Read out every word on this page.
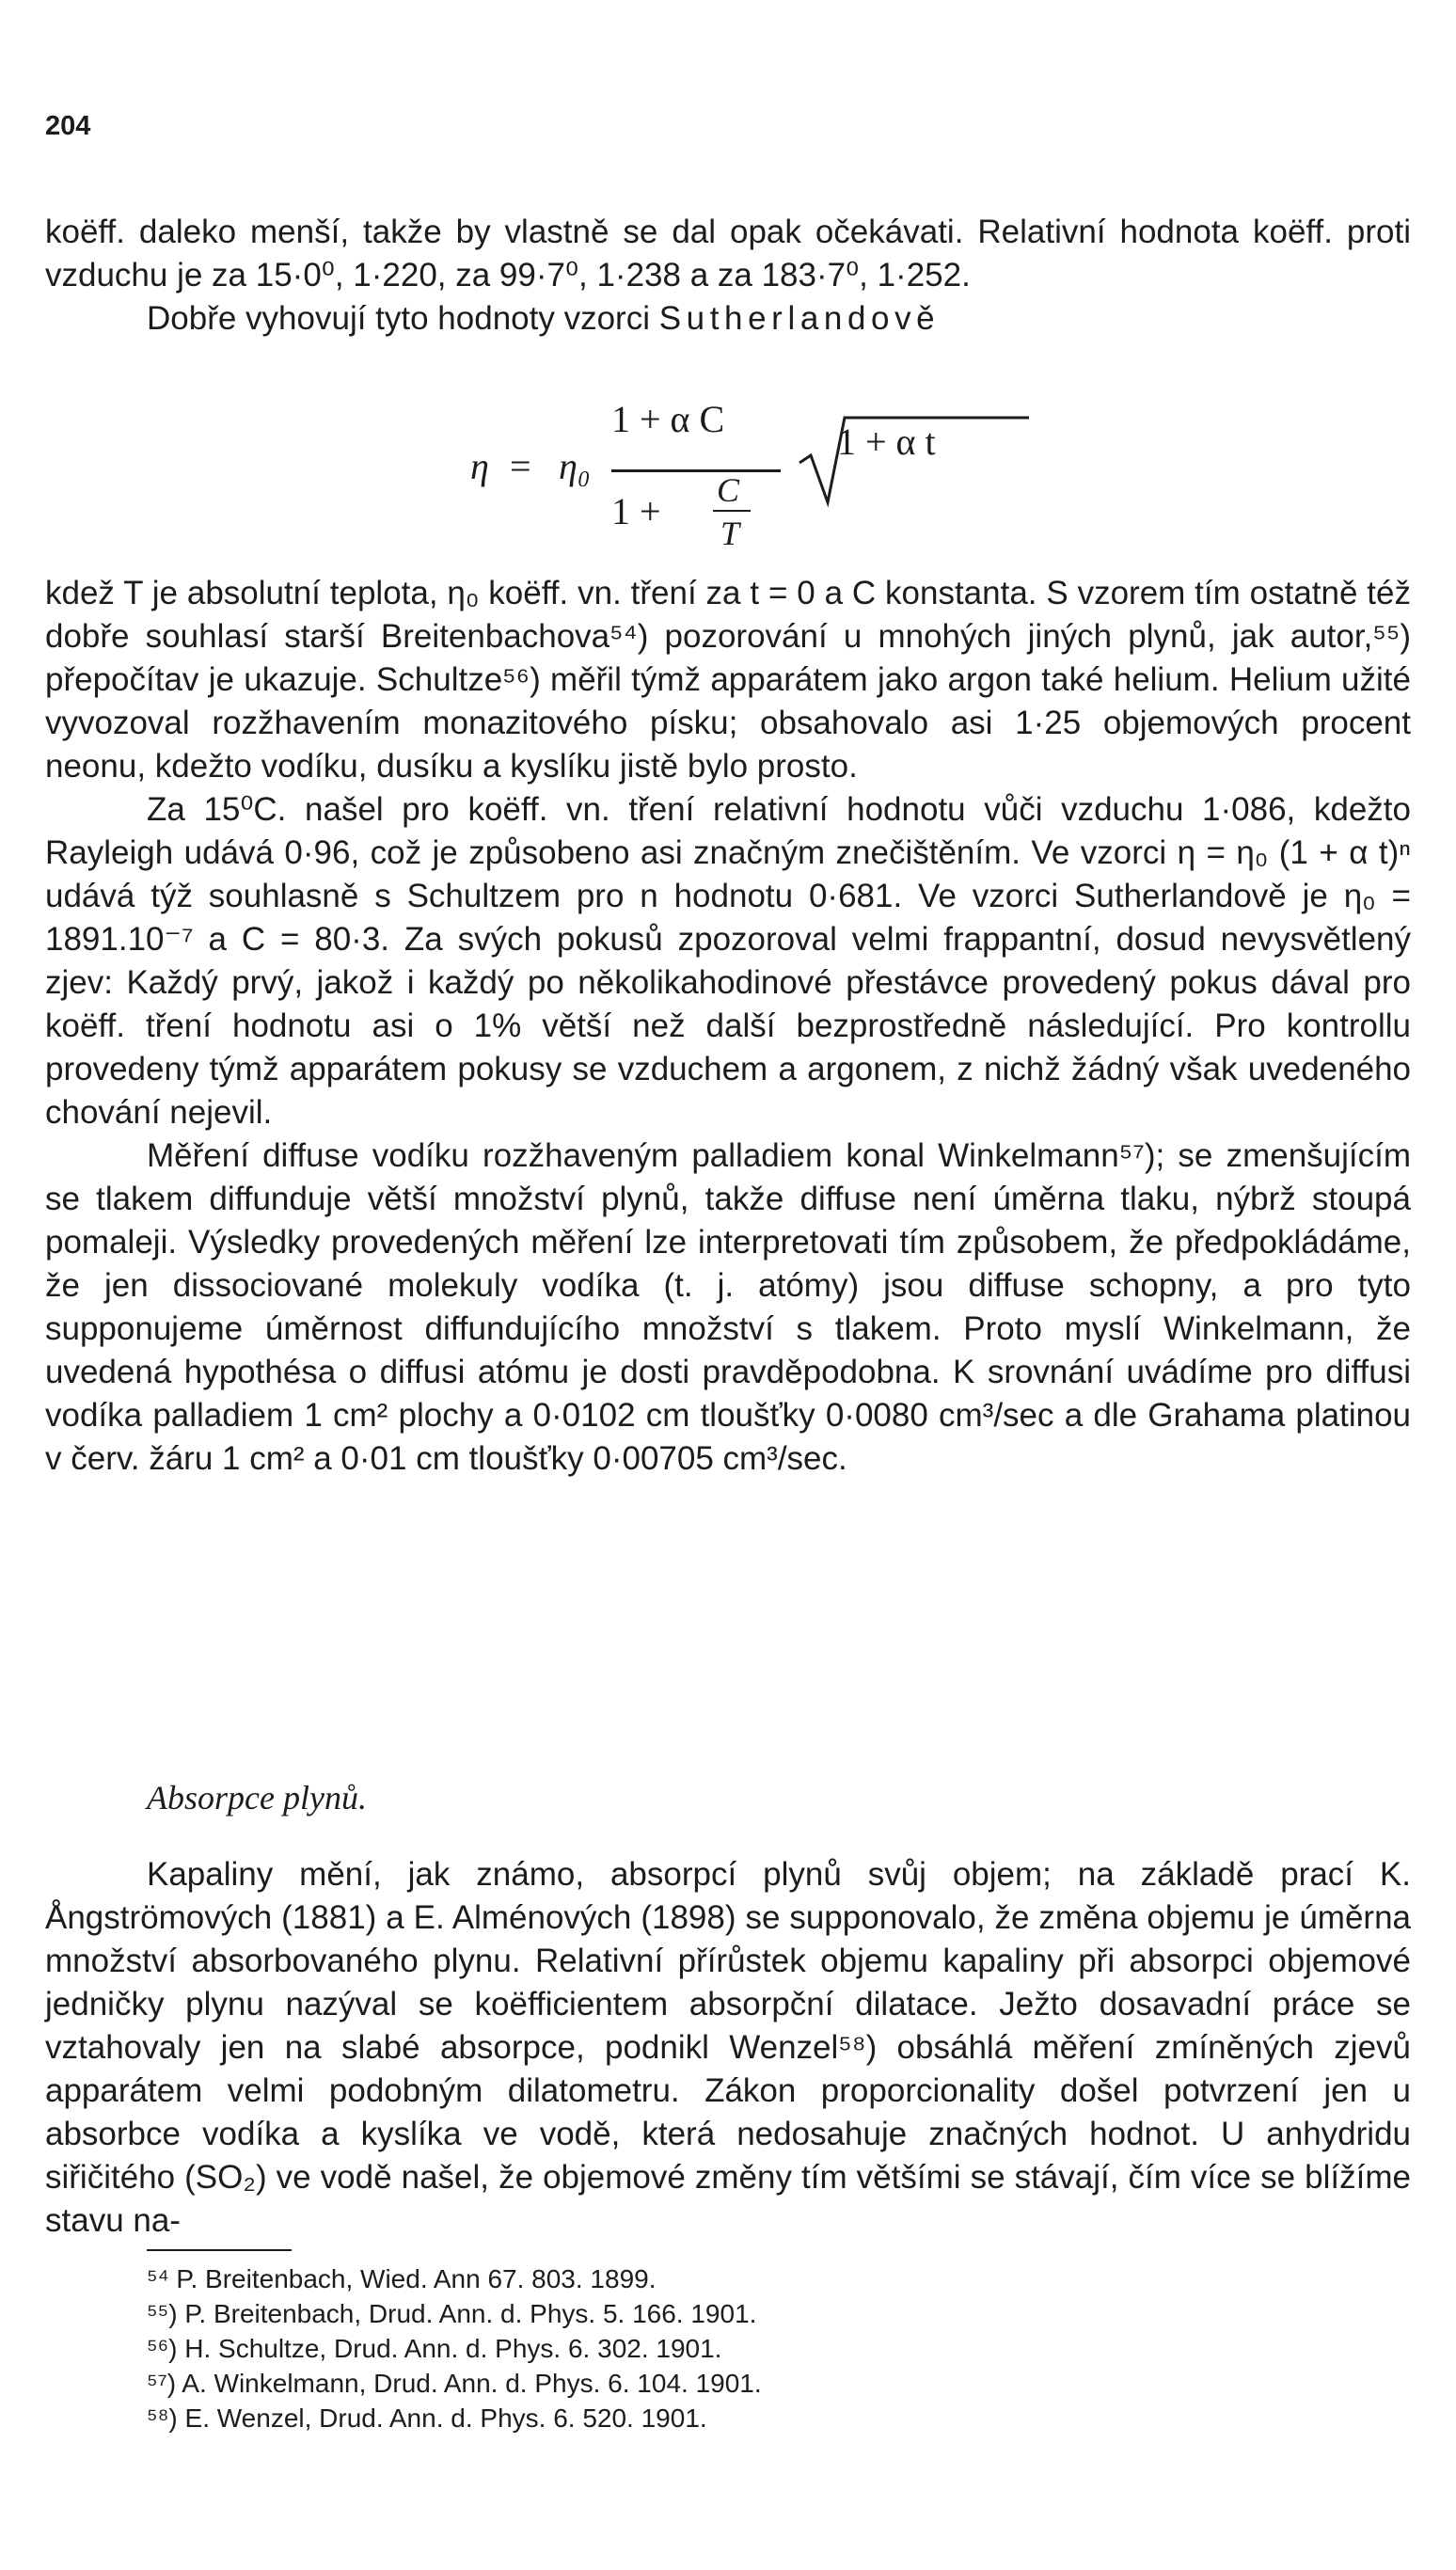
204

koëff. daleko menší, takže by vlastně se dal opak očekávati. Relativní hodnota koëff. proti vzduchu je za 15·0⁰, 1·220, za 99·7⁰, 1·238 a za 183·7⁰, 1·252.

Dobře vyhovují tyto hodnoty vzorci Sutherlandově

η = η₀
1 + α C
1 + C
T
1 + α t

kdež T je absolutní teplota, η₀ koëff. vn. tření za t = 0 a C konstanta. S vzorem tím ostatně též dobře souhlasí starší Breitenbachova⁵⁴) pozorování u mnohých jiných plynů, jak autor,⁵⁵) přepočítav je ukazuje. Schultze⁵⁶) měřil týmž apparátem jako argon také helium. Helium užité vyvozoval rozžhavením monazitového písku; obsahovalo asi 1·25 objemových procent neonu, kdežto vodíku, dusíku a kyslíku jistě bylo prosto.

Za 15⁰C. našel pro koëff. vn. tření relativní hodnotu vůči vzduchu 1·086, kdežto Rayleigh udává 0·96, což je způsobeno asi značným znečištěním. Ve vzorci η = η₀ (1 + α t)ⁿ udává týž souhlasně s Schultzem pro n hodnotu 0·681. Ve vzorci Sutherlandově je η₀ = 1891.10⁻⁷ a C = 80·3. Za svých pokusů zpozoroval velmi frappantní, dosud nevysvětlený zjev: Každý prvý, jakož i každý po několikahodinové přestávce provedený pokus dával pro koëff. tření hodnotu asi o 1% větší než další bezprostředně následující. Pro kontrollu provedeny týmž apparátem pokusy se vzduchem a argonem, z nichž žádný však uvedeného chování nejevil.

Měření diffuse vodíku rozžhaveným palladiem konal Winkelmann⁵⁷); se zmenšujícím se tlakem diffunduje větší množství plynů, takže diffuse není úměrna tlaku, nýbrž stoupá pomaleji. Výsledky provedených měření lze interpretovati tím způsobem, že předpokládáme, že jen dissociované molekuly vodíka (t. j. atómy) jsou diffuse schopny, a pro tyto supponujeme úměrnost diffundujícího množství s tlakem. Proto myslí Winkelmann, že uvedená hypothésa o diffusi atómu je dosti pravděpodobna. K srovnání uvádíme pro diffusi vodíka palladiem 1 cm² plochy a 0·0102 cm tloušťky 0·0080 cm³/sec a dle Grahama platinou v červ. žáru 1 cm² a 0·01 cm tloušťky 0·00705 cm³/sec.

Absorpce plynů.

Kapaliny mění, jak známo, absorpcí plynů svůj objem; na základě prací K. Ångströmových (1881) a E. Alménových (1898) se supponovalo, že změna objemu je úměrna množství absorbovaného plynu. Relativní přírůstek objemu kapaliny při absorpci objemové jedničky plynu nazýval se koëfficientem absorpční dilatace. Ježto dosavadní práce se vztahovaly jen na slabé absorpce, podnikl Wenzel⁵⁸) obsáhlá měření zmíněných zjevů apparátem velmi podobným dilatometru. Zákon proporcionality došel potvrzení jen u absorbce vodíka a kyslíka ve vodě, která nedosahuje značných hodnot. U anhydridu siřičitého (SO₂) ve vodě našel, že objemové změny tím většími se stávají, čím více se blížíme stavu na-

⁵⁴ P. Breitenbach, Wied. Ann 67. 803. 1899.

⁵⁵) P. Breitenbach, Drud. Ann. d. Phys. 5. 166. 1901.

⁵⁶) H. Schultze, Drud. Ann. d. Phys. 6. 302. 1901.

⁵⁷) A. Winkelmann, Drud. Ann. d. Phys. 6. 104. 1901.

⁵⁸) E. Wenzel, Drud. Ann. d. Phys. 6. 520. 1901.
